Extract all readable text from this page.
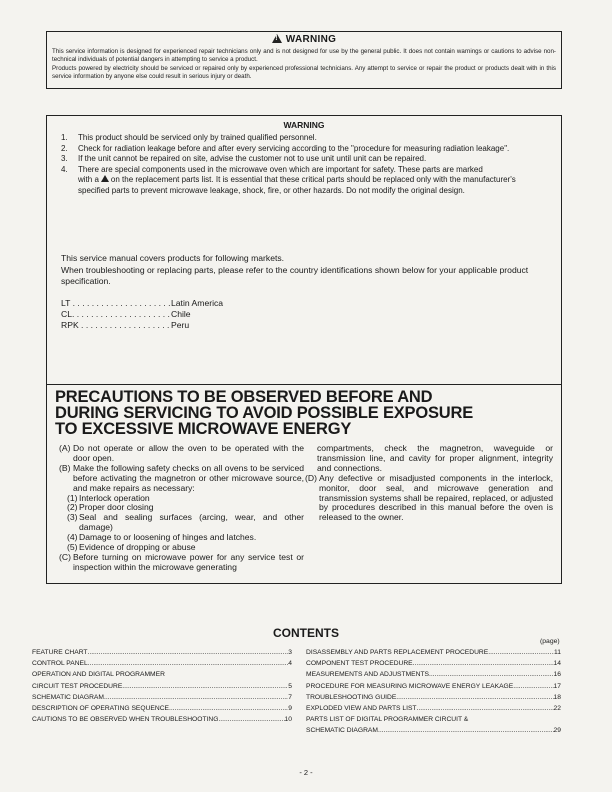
!WARNING

This service information is designed for experienced repair technicians only and is not designed for use by the general public. It does not contain warnings or cautions to advise non-technical individuals of potential dangers in attempting to service a product.

Products powered by electricity should be serviced or repaired only by experienced professional technicians. Any attempt to service or repair the product or products dealt with in this service information by anyone else could result in serious injury or death.

WARNING
1. This product should be serviced only by trained qualified personnel.
2. Check for radiation leakage before and after every servicing according to the "procedure for measuring radiation leakage".
3. If the unit cannot be repaired on site, advise the customer not to use unit until unit can be repaired.
4. There are special components used in the microwave oven which are important for safety. These parts are marked
with a on the replacement parts list. It is essential that these critical parts should be replaced only with the manufacturer's specified parts to prevent microwave leakage, shock, fire, or other hazards. Do not modify the original design.
This service manual covers products for following markets.
When troubleshooting or replacing parts, please refer to the country identifications shown below for your applicable product specification.
LT . . .	Latin America
CL. . . .	Chile
RPK . . .	Peru
PRECAUTIONS TO BE OBSERVED BEFORE AND
DURING SERVICING TO AVOID POSSIBLE EXPOSURE
TO EXCESSIVE MICROWAVE ENERGY
(A) Do not operate or allow the oven to be operated with the door open.
(B) Make the following safety checks on all ovens to be serviced before activating the magnetron or other microwave source, and make repairs as necessary:
(1) Interlock operation
(2) Proper door closing
(3) Seal and sealing surfaces (arcing, wear, and other damage)
(4) Damage to or loosening of hinges and latches.
(5) Evidence of dropping or abuse
(C) Before turning on microwave power for any service test or inspection within the microwave generating
compartments, check the magnetron, waveguide or transmission line, and cavity for proper alignment, integrity and connections.
(D) Any defective or misadjusted components in the interlock, monitor, door seal, and microwave generation and transmission systems shall be repaired, replaced, or adjusted by procedures described in this manual before the oven is released to the owner.
CONTENTS
(page)
FEATURE CHART .....	3
CONTROL PANEL .....	4
OPERATION AND DIGITAL PROGRAMMER
CIRCUIT TEST PROCEDURE .....	5
SCHEMATIC DIAGRAM .....	7
DESCRIPTION OF OPERATING SEQUENCE .....	9
CAUTIONS TO BE OBSERVED WHEN TROUBLESHOOTING .....	10
DISASSEMBLY AND PARTS REPLACEMENT PROCEDURE .....	11
COMPONENT TEST PROCEDURE .....	14
MEASUREMENTS AND ADJUSTMENTS .....	16
PROCEDURE FOR MEASURING MICROWAVE ENERGY LEAKAGE .....	17
TROUBLESHOOTING GUIDE .....	18
EXPLODED VIEW AND PARTS LIST .....	22
PARTS LIST OF DIGITAL PROGRAMMER CIRCUIT &
SCHEMATIC DIAGRAM .....	29
- 2 -
